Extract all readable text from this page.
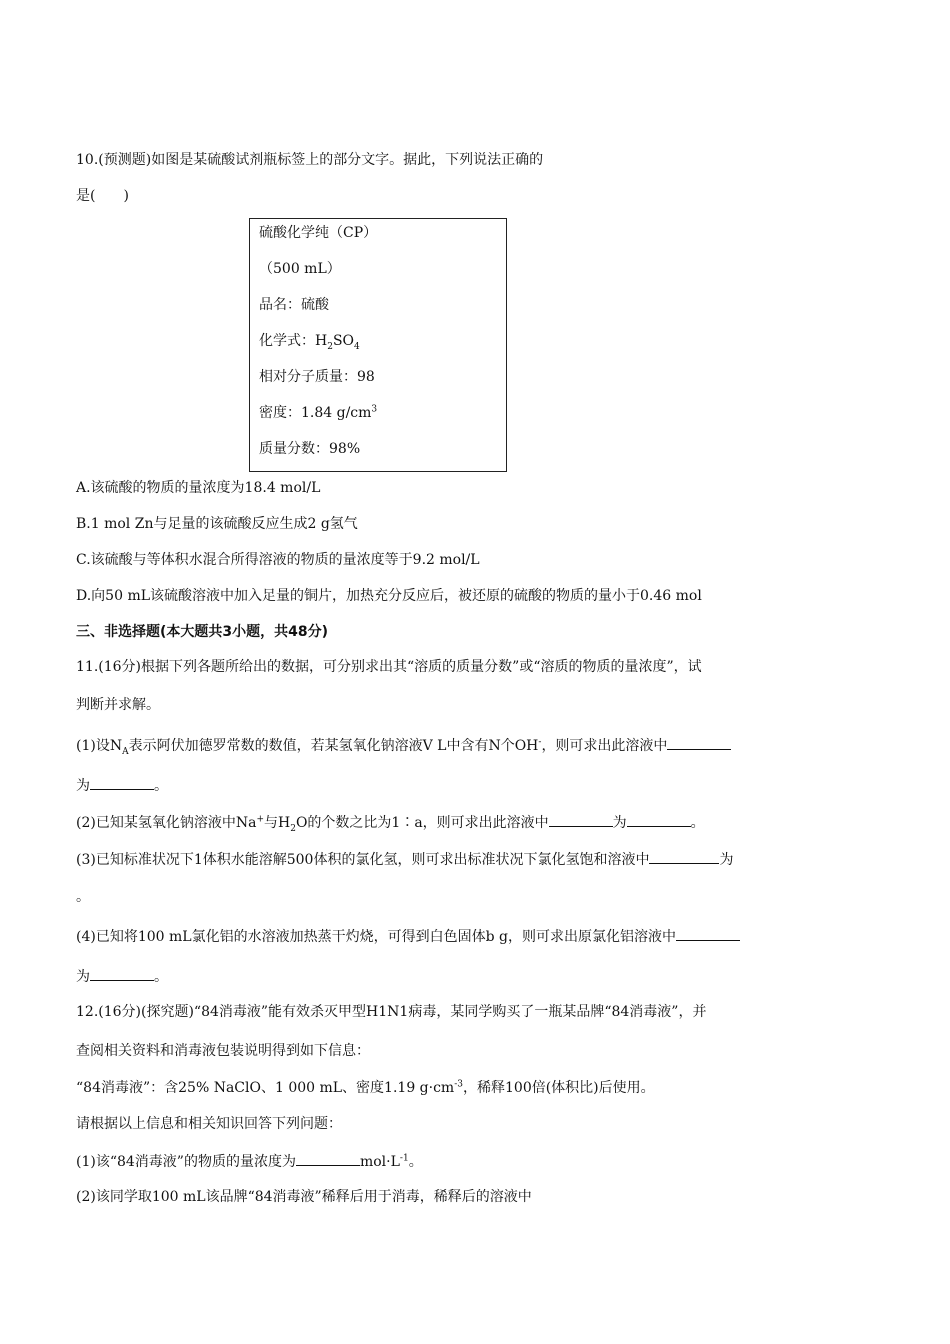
10.(预测题)如图是某硫酸试剂瓶标签上的部分文字。据此，下列说法正确的
是(　　)
硫酸化学纯（CP）
（500 mL）
品名：硫酸
化学式：$H_2SO_4$
相对分子质量：98
密度：1.84 $g/cm^3$
质量分数：98%
A.该硫酸的物质的量浓度为18.4 mol/L
B.1 mol Zn与足量的该硫酸反应生成2 g氢气
C.该硫酸与等体积水混合所得溶液的物质的量浓度等于9.2 mol/L
D.向50 mL该硫酸溶液中加入足量的铜片，加热充分反应后，被还原的硫酸的物质的量小于0.46 mol
三、非选择题(本大题共3小题，共48分)
11.(16分)根据下列各题所给出的数据，可分别求出其“溶质的质量分数”或“溶质的物质的量浓度”，试
判断并求解。
(1)设$N_A$表示阿伏加德罗常数的数值，若某氢氧化钠溶液V L中含有N个OH-，则可求出此溶液中
为	。
(2)已知某氢氧化钠溶液中Na+与$H_2O$的个数之比为1∶a，则可求出此溶液中	为	。
(3)已知标准状况下1体积水能溶解500体积的氯化氢，则可求出标准状况下氯化氢饱和溶液中	为
。
(4)已知将100 mL氯化铝的水溶液加热蒸干灼烧，可得到白色固体b g，则可求出原氯化铝溶液中
为	。
12.(16分)(探究题)“84消毒液”能有效杀灭甲型H1N1病毒，某同学购买了一瓶某品牌“84消毒液”，并
查阅相关资料和消毒液包装说明得到如下信息：
“84消毒液”：含25% NaClO、1 000 mL、密度1.19 $g\cdot cm^{-3}$，稀释100倍(体积比)后使用。
请根据以上信息和相关知识回答下列问题：
(1)该“84消毒液”的物质的量浓度为	$mol\cdot L^{-1}$。
(2)该同学取100 mL该品牌“84消毒液”稀释后用于消毒，稀释后的溶液中
